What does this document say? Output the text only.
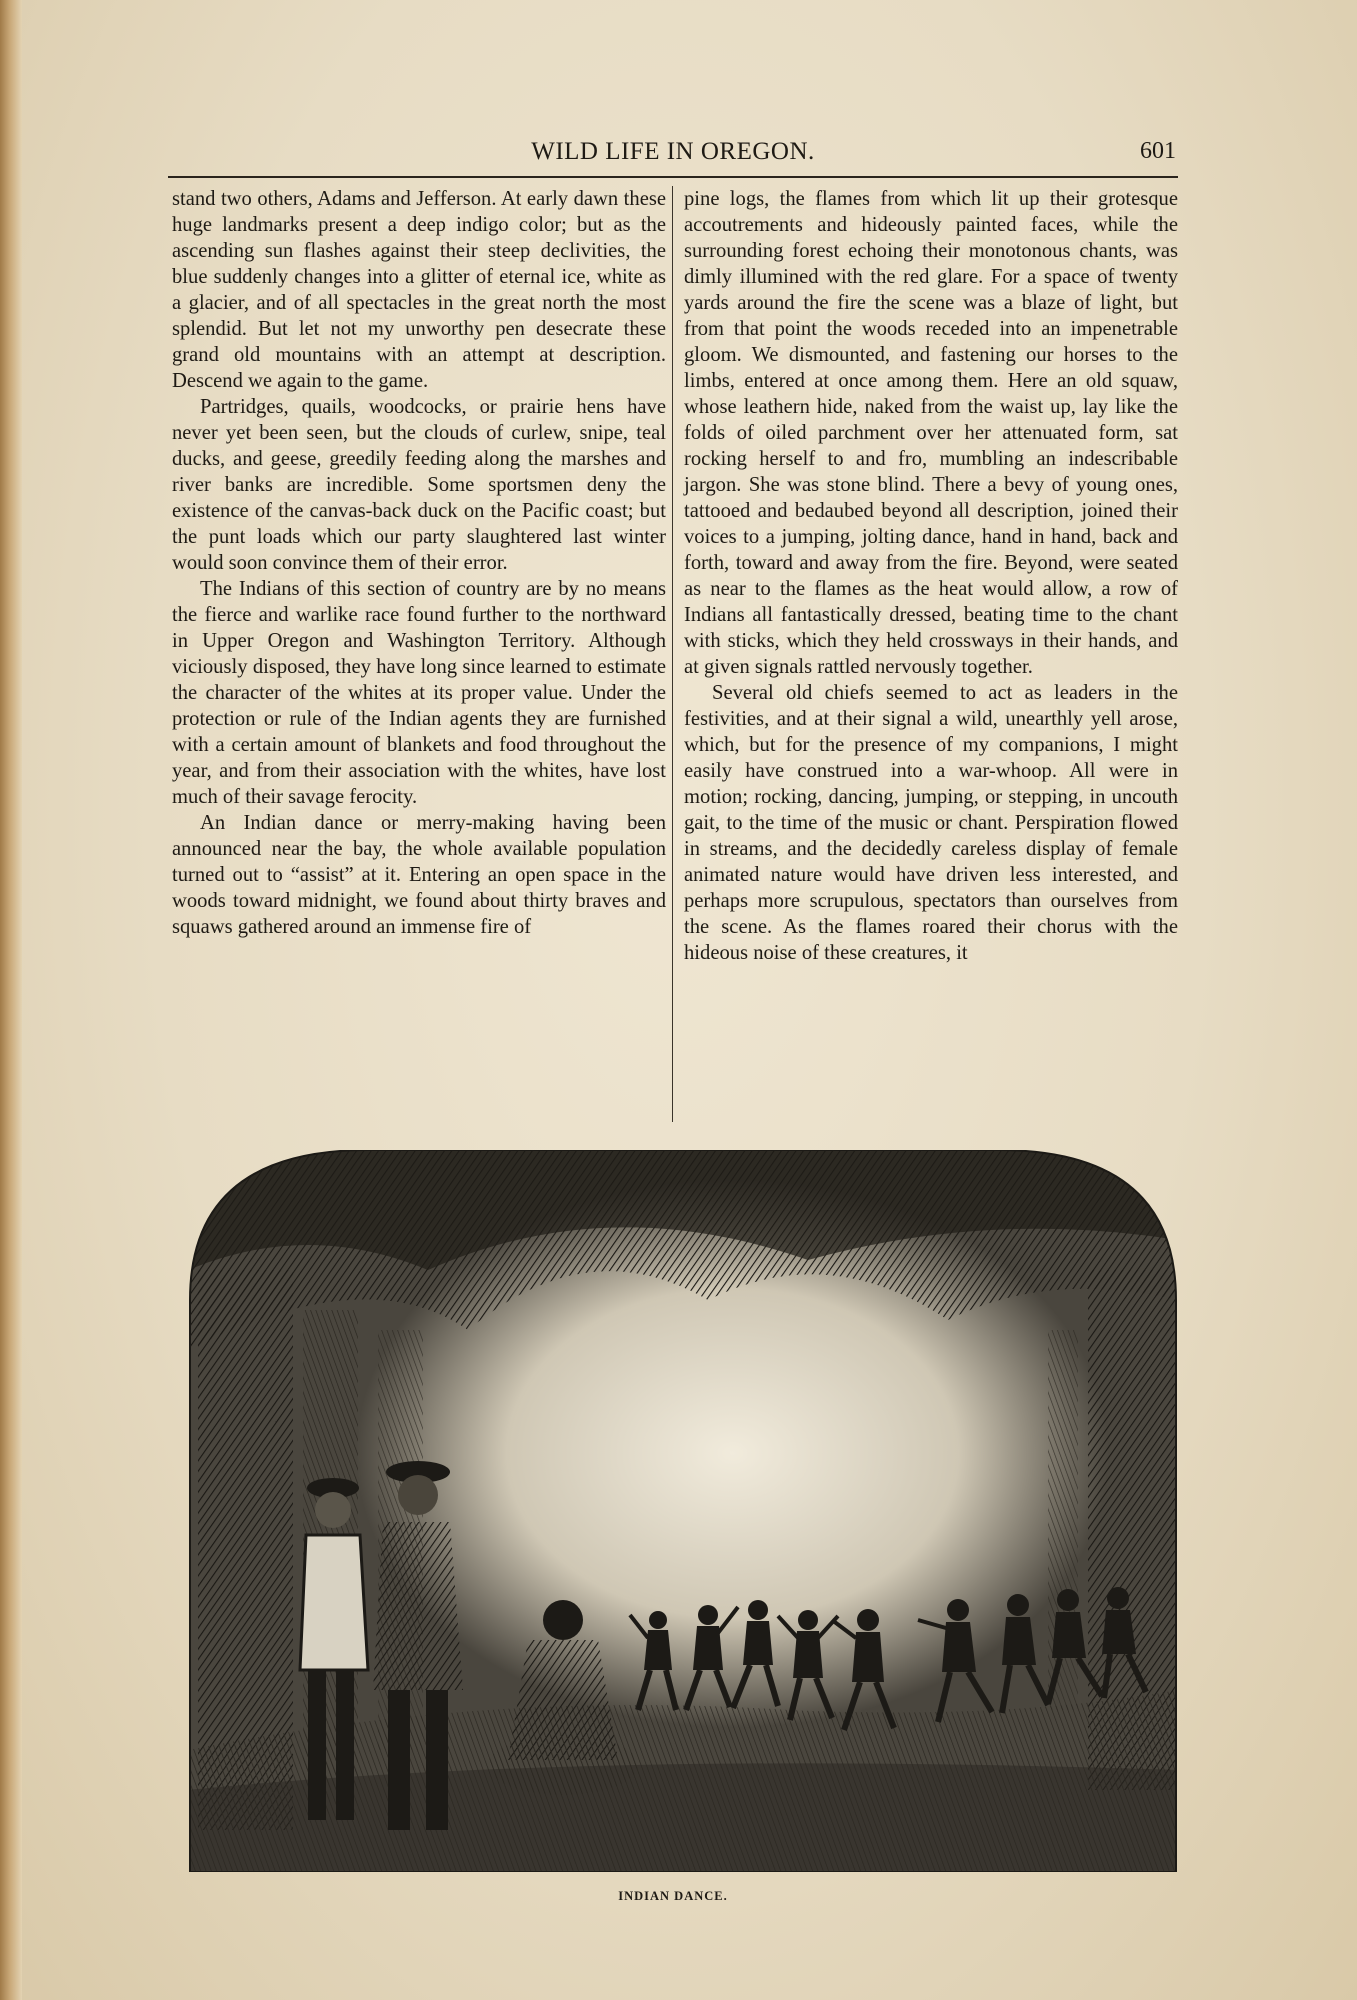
WILD LIFE IN OREGON.	601

stand two others, Adams and Jefferson. At early dawn these huge landmarks present a deep indigo color; but as the ascending sun flashes against their steep declivities, the blue suddenly changes into a glitter of eternal ice, white as a glacier, and of all spectacles in the great north the most splendid. But let not my unworthy pen desecrate these grand old mountains with an attempt at description. Descend we again to the game.

Partridges, quails, woodcocks, or prairie hens have never yet been seen, but the clouds of curlew, snipe, teal ducks, and geese, greedily feeding along the marshes and river banks are incredible. Some sportsmen deny the existence of the canvas-back duck on the Pacific coast; but the punt loads which our party slaughtered last winter would soon convince them of their error.

The Indians of this section of country are by no means the fierce and warlike race found further to the northward in Upper Oregon and Washington Territory. Although viciously disposed, they have long since learned to estimate the character of the whites at its proper value. Under the protection or rule of the Indian agents they are furnished with a certain amount of blankets and food throughout the year, and from their association with the whites, have lost much of their savage ferocity.

An Indian dance or merry-making having been announced near the bay, the whole available population turned out to “assist” at it. Entering an open space in the woods toward midnight, we found about thirty braves and squaws gathered around an immense fire of

pine logs, the flames from which lit up their grotesque accoutrements and hideously painted faces, while the surrounding forest echoing their monotonous chants, was dimly illumined with the red glare. For a space of twenty yards around the fire the scene was a blaze of light, but from that point the woods receded into an impenetrable gloom. We dismounted, and fastening our horses to the limbs, entered at once among them. Here an old squaw, whose leathern hide, naked from the waist up, lay like the folds of oiled parchment over her attenuated form, sat rocking herself to and fro, mumbling an indescribable jargon. She was stone blind. There a bevy of young ones, tattooed and bedaubed beyond all description, joined their voices to a jumping, jolting dance, hand in hand, back and forth, toward and away from the fire. Beyond, were seated as near to the flames as the heat would allow, a row of Indians all fantastically dressed, beating time to the chant with sticks, which they held crossways in their hands, and at given signals rattled nervously together.

Several old chiefs seemed to act as leaders in the festivities, and at their signal a wild, unearthly yell arose, which, but for the presence of my companions, I might easily have construed into a war-whoop. All were in motion; rocking, dancing, jumping, or stepping, in uncouth gait, to the time of the music or chant. Perspiration flowed in streams, and the decidedly careless display of female animated nature would have driven less interested, and perhaps more scrupulous, spectators than ourselves from the scene. As the flames roared their chorus with the hideous noise of these creatures, it

INDIAN DANCE.
